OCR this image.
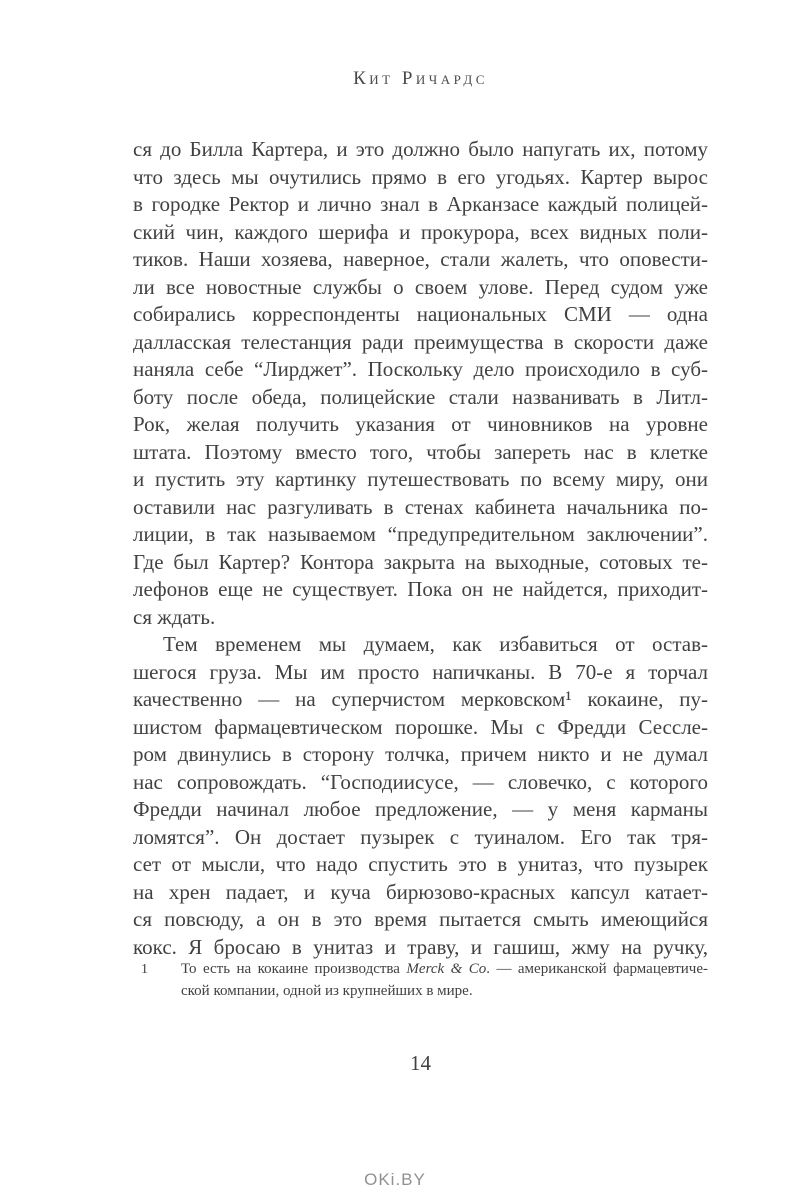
Кит Ричардс
ся до Билла Картера, и это должно было напугать их, потому
что здесь мы очутились прямо в его угодьях. Картер вырос
в городке Ректор и лично знал в Арканзасе каждый полицей-
ский чин, каждого шерифа и прокурора, всех видных поли-
тиков. Наши хозяева, наверное, стали жалеть, что оповести-
ли все новостные службы о своем улове. Перед судом уже
собирались корреспонденты национальных СМИ — одна
далласская телестанция ради преимущества в скорости даже
наняла себе “Лирджет”. Поскольку дело происходило в суб-
боту после обеда, полицейские стали названивать в Литл-
Рок, желая получить указания от чиновников на уровне
штата. Поэтому вместо того, чтобы запереть нас в клетке
и пустить эту картинку путешествовать по всему миру, они
оставили нас разгуливать в стенах кабинета начальника по-
лиции, в так называемом “предупредительном заключении”.
Где был Картер? Контора закрыта на выходные, сотовых те-
лефонов еще не существует. Пока он не найдется, приходит-
ся ждать.
Тем временем мы думаем, как избавиться от остав-
шегося груза. Мы им просто напичканы. В 70-е я торчал
качественно — на суперчистом мерковском¹ кокаине, пу-
шистом фармацевтическом порошке. Мы с Фредди Сессле-
ром двинулись в сторону толчка, причем никто и не думал
нас сопровождать. “Господиисусе, — словечко, с которого
Фредди начинал любое предложение, — у меня карманы
ломятся”. Он достает пузырек с туиналом. Его так тря-
сет от мысли, что надо спустить это в унитаз, что пузырек
на хрен падает, и куча бирюзово-красных капсул катает-
ся повсюду, а он в это время пытается смыть имеющийся
кокс. Я бросаю в унитаз и траву, и гашиш, жму на ручку,
1 То есть на кокаине производства Merck & Co. — американской фармацевтиче-
ской компании, одной из крупнейших в мире.
14
OKi.BY
